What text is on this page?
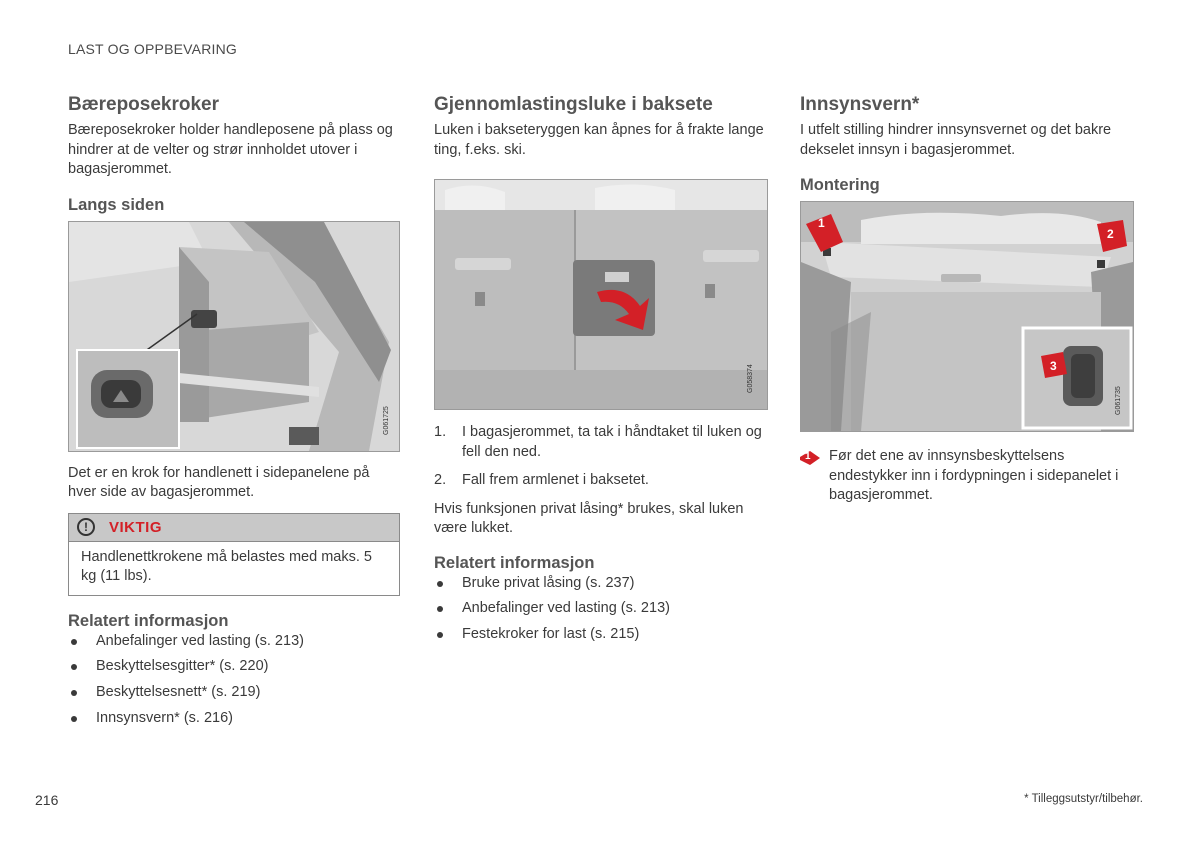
LAST OG OPPBEVARING
Bæreposekroker

Bæreposekroker holder handleposene på plass og hindrer at de velter og strør innholdet utover i bagasjerommet.

Langs siden
G061725

Det er en krok for handlenett i sidepanelene på hver side av bagasjerommet.

!	VIKTIG
Handlenettkrokene må belastes med maks. 5 kg (11 lbs).
Relatert informasjon
Anbefalinger ved lasting (s. 213)
Beskyttelsesgitter* (s. 220)
Beskyttelsesnett* (s. 219)
Innsynsvern* (s. 216)
Gjennomlastingsluke i baksete

Luken i bakseteryggen kan åpnes for å frakte lange ting, f.eks. ski.

G058374
1. I bagasjerommet, ta tak i håndtaket til luken og fell den ned.
2. Fall frem armlenet i baksetet.

Hvis funksjonen privat låsing* brukes, skal luken være lukket.

Relatert informasjon
Bruke privat låsing (s. 237)
Anbefalinger ved lasting (s. 213)
Festekroker for last (s. 215)
Innsynsvern*

I utfelt stilling hindrer innsynsvernet og det bakre dekselet innsyn i bagasjerommet.

Montering
1
2
3
G061735
1 Før det ene av innsynsbeskyttelsens endestykker inn i fordypningen i sidepanelet i bagasjerommet.

216	* Tilleggsutstyr/tilbehør.
